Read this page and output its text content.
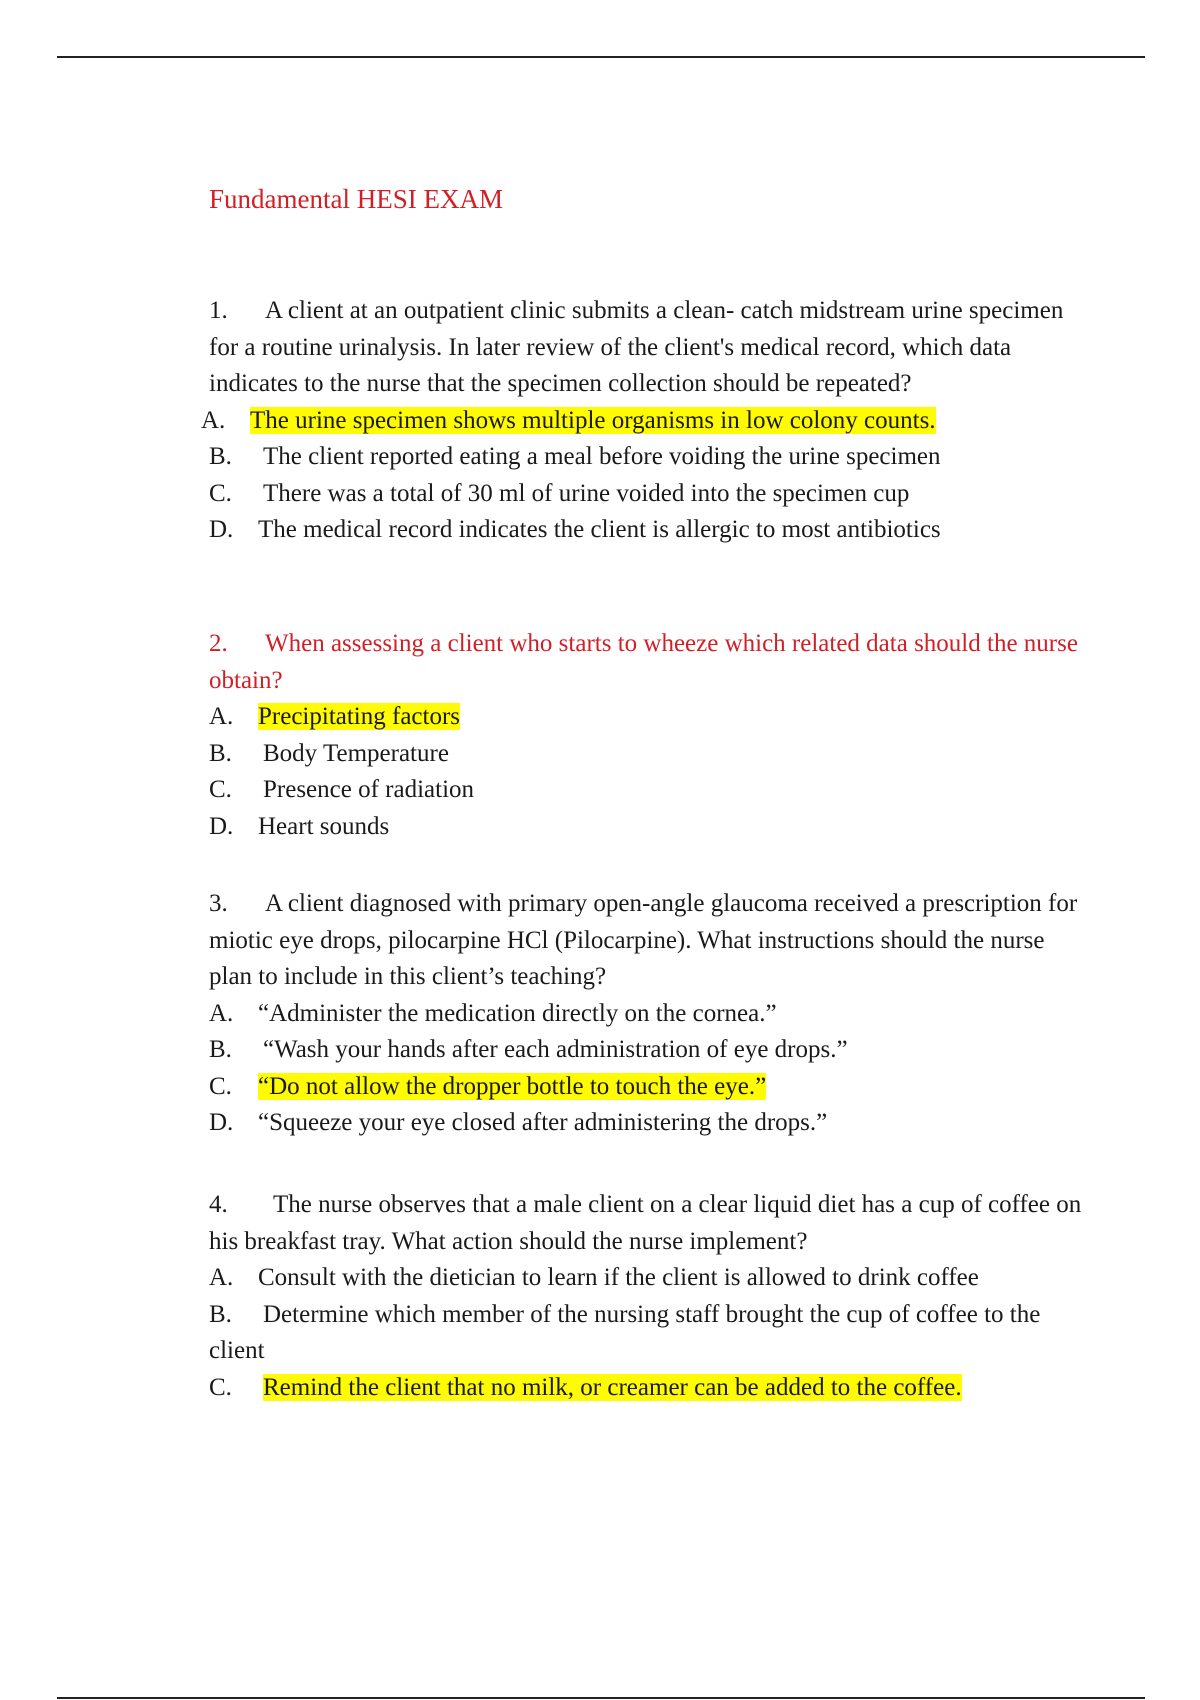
Fundamental HESI EXAM
1. A client at an outpatient clinic submits a clean- catch midstream urine specimen for a routine urinalysis. In later review of the client's medical record, which data indicates to the nurse that the specimen collection should be repeated?
A. The urine specimen shows multiple organisms in low colony counts.
B. The client reported eating a meal before voiding the urine specimen
C. There was a total of 30 ml of urine voided into the specimen cup
D. The medical record indicates the client is allergic to most antibiotics
2. When assessing a client who starts to wheeze which related data should the nurse obtain?
A. Precipitating factors
B. Body Temperature
C. Presence of radiation
D. Heart sounds
3. A client diagnosed with primary open-angle glaucoma received a prescription for miotic eye drops, pilocarpine HCl (Pilocarpine). What instructions should the nurse plan to include in this client’s teaching?
A. “Administer the medication directly on the cornea.”
B. “Wash your hands after each administration of eye drops.”
C. “Do not allow the dropper bottle to touch the eye.”
D. “Squeeze your eye closed after administering the drops.”
4. The nurse observes that a male client on a clear liquid diet has a cup of coffee on his breakfast tray. What action should the nurse implement?
A. Consult with the dietician to learn if the client is allowed to drink coffee
B. Determine which member of the nursing staff brought the cup of coffee to the client
C. Remind the client that no milk, or creamer can be added to the coffee.
